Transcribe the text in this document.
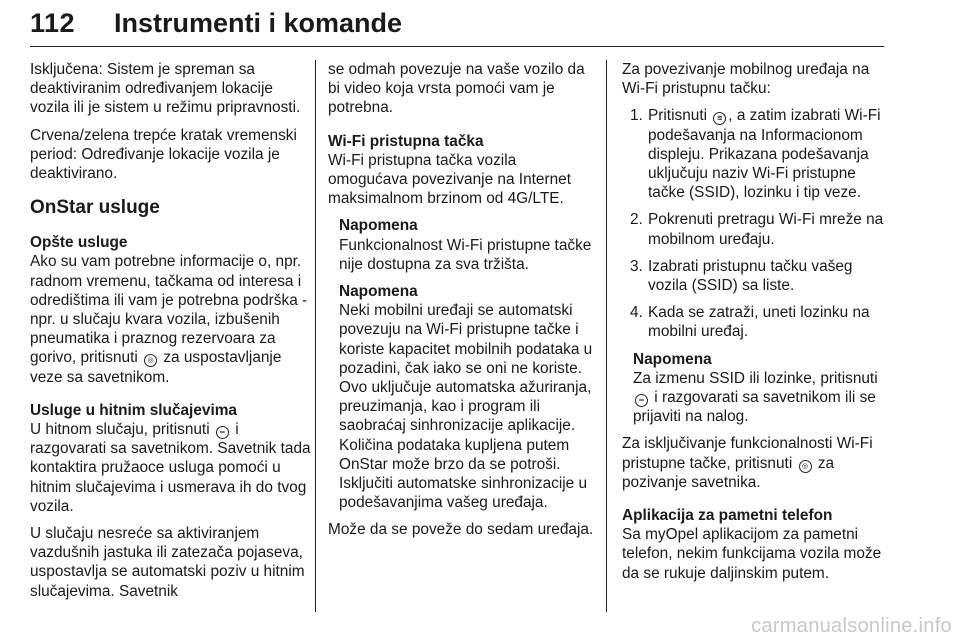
112 Instrumenti i komande

Isključena: Sistem je spreman sa deaktiviranim određivanjem lokacije vozila ili je sistem u režimu pripravnosti.

Crvena/zelena trepće kratak vremenski period: Određivanje lokacije vozila je deaktivirano.

OnStar usluge
Opšte usluge

Ako su vam potrebne informacije o, npr. radnom vremenu, tačkama od interesa i odredištima ili vam je potrebna podrška - npr. u slučaju kvara vozila, izbušenih pneumatika i praznog rezervoara za gorivo, pritisnuti ◎ za uspostavljanje veze sa savetnikom.

Usluge u hitnim slučajevima

U hitnom slučaju, pritisnuti ∞ i razgovarati sa savetnikom. Savetnik tada kontaktira pružaoce usluga pomoći u hitnim slučajevima i usmerava ih do tvog vozila.

U slučaju nesreće sa aktiviranjem vazdušnih jastuka ili zatezača pojaseva, uspostavlja se automatski poziv u hitnim slučajevima. Savetnik

se odmah povezuje na vaše vozilo da bi video koja vrsta pomoći vam je potrebna.

Wi-Fi pristupna tačka

Wi-Fi pristupna tačka vozila omogućava povezivanje na Internet maksimalnom brzinom od 4G/LTE.

Napomena

Funkcionalnost Wi-Fi pristupne tačke nije dostupna za sva tržišta.

Napomena

Neki mobilni uređaji se automatski povezuju na Wi-Fi pristupne tačke i koriste kapacitet mobilnih podataka u pozadini, čak iako se oni ne koriste. Ovo uključuje automatska ažuriranja, preuzimanja, kao i program ili saobraćaj sinhronizacije aplikacije. Količina podataka kupljena putem OnStar može brzo da se potroši. Isključiti automatske sinhronizacije u podešavanjima vašeg uređaja.

Može da se poveže do sedam uređaja.

Za povezivanje mobilnog uređaja na Wi-Fi pristupnu tačku:

1. Pritisnuti ≋ , a zatim izabrati Wi-Fi podešavanja na Informacionom displeju. Prikazana podešavanja uključuju naziv Wi-Fi pristupne tačke (SSID), lozinku i tip veze.
2. Pokrenuti pretragu Wi-Fi mreže na mobilnom uređaju.
3. Izabrati pristupnu tačku vašeg vozila (SSID) sa liste.
4. Kada se zatraži, uneti lozinku na mobilni uređaj.
Napomena

Za izmenu SSID ili lozinke, pritisnuti ∞ i razgovarati sa savetnikom ili se prijaviti na nalog.

Za isključivanje funkcionalnosti Wi-Fi pristupne tačke, pritisnuti ◎ za pozivanje savetnika.

Aplikacija za pametni telefon

Sa myOpel aplikacijom za pametni telefon, nekim funkcijama vozila može da se rukuje daljinskim putem.

carmanualsonline.info
